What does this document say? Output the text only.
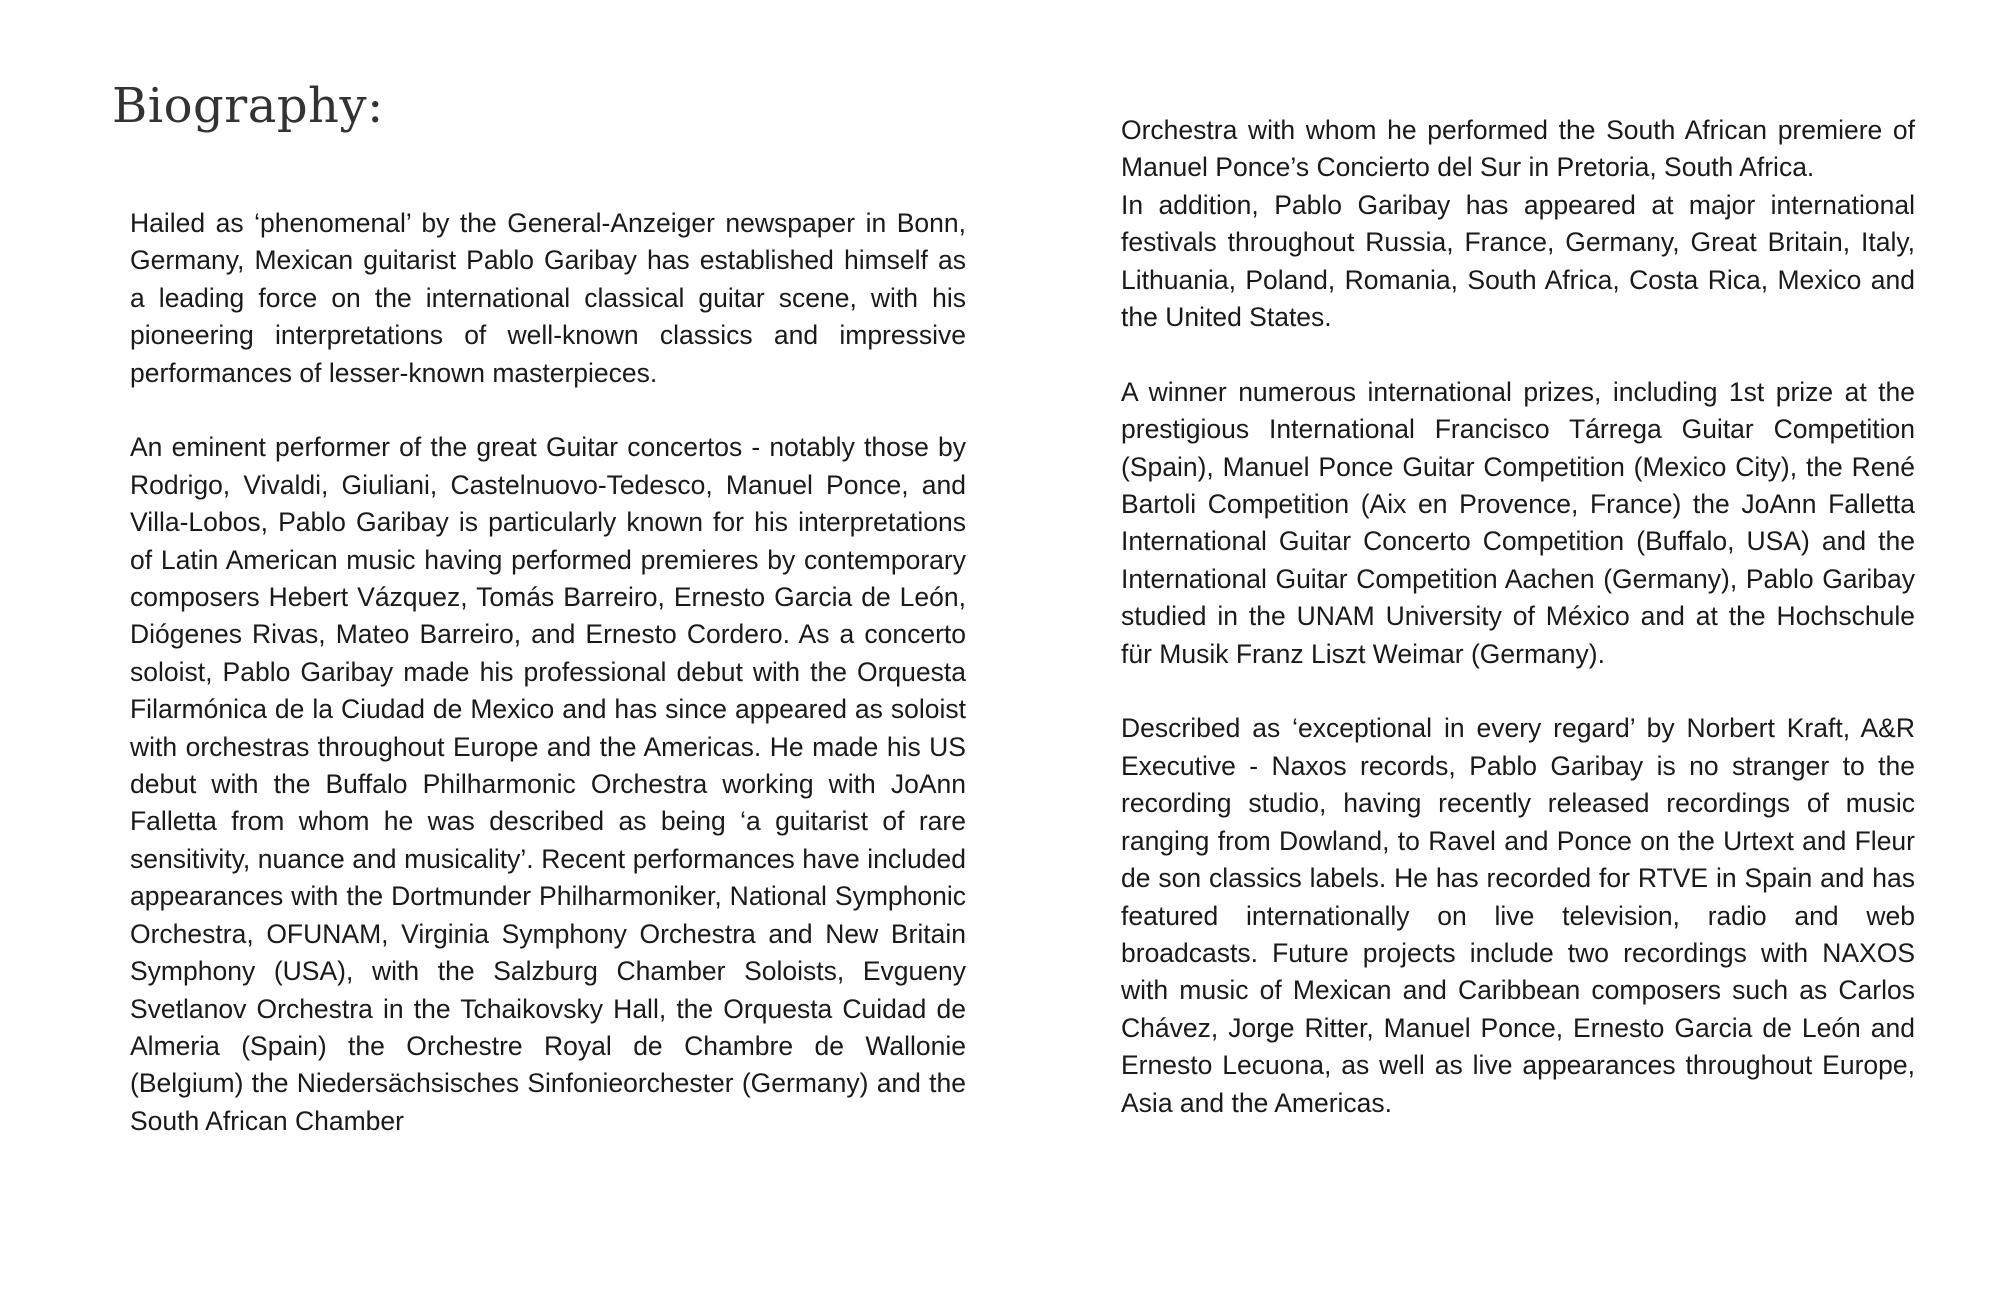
Biography:

Hailed as ‘phenomenal’ by the General-Anzeiger newspaper in Bonn, Germany, Mexican guitarist Pablo Garibay has established himself as a leading force on the international classical guitar scene, with his pioneering interpretations of well-known classics and impressive performances of lesser-known masterpieces.

An eminent performer of the great Guitar concertos - notably those by Rodrigo, Vivaldi, Giuliani, Castelnuovo-Tedesco, Manuel Ponce, and Villa-Lobos, Pablo Garibay is particularly known for his interpretations of Latin American music having performed premieres by contemporary composers Hebert Vázquez, Tomás Barreiro, Ernesto Garcia de León, Diógenes Rivas, Mateo Barreiro, and Ernesto Cordero. As a concerto soloist, Pablo Garibay made his professional debut with the Orquesta Filarmónica de la Ciudad de Mexico and has since appeared as soloist with orchestras throughout Europe and the Americas. He made his US debut with the Buffalo Philharmonic Orchestra working with JoAnn Falletta from whom he was described as being ‘a guitarist of rare sensitivity, nuance and musicality’. Recent performances have included appearances with the Dortmunder Philharmoniker, National Symphonic Orchestra, OFUNAM, Virginia Symphony Orchestra and New Britain Symphony (USA), with the Salzburg Chamber Soloists, Evgueny Svetlanov Orchestra in the Tchaikovsky Hall, the Orquesta Cuidad de Almeria (Spain) the Orchestre Royal de Chambre de Wallonie (Belgium) the Niedersächsisches Sinfonieorchester (Germany) and the South African Chamber

Orchestra with whom he performed the South African premiere of Manuel Ponce’s Concierto del Sur in Pretoria, South Africa.

In addition, Pablo Garibay has appeared at major international festivals throughout Russia, France, Germany, Great Britain, Italy, Lithuania, Poland, Romania, South Africa, Costa Rica, Mexico and the United States.

A winner numerous international prizes, including 1st prize at the prestigious International Francisco Tárrega Guitar Competition (Spain), Manuel Ponce Guitar Competition (Mexico City), the René Bartoli Competition (Aix en Provence, France) the JoAnn Falletta International Guitar Concerto Competition (Buffalo, USA) and the International Guitar Competition Aachen (Germany), Pablo Garibay studied in the UNAM University of México and at the Hochschule für Musik Franz Liszt Weimar (Germany).

Described as ‘exceptional in every regard’ by Norbert Kraft, A&R Executive - Naxos records, Pablo Garibay is no stranger to the recording studio, having recently released recordings of music ranging from Dowland, to Ravel and Ponce on the Urtext and Fleur de son classics labels. He has recorded for RTVE in Spain and has featured internationally on live television, radio and web broadcasts. Future projects include two recordings with NAXOS with music of Mexican and Caribbean composers such as Carlos Chávez, Jorge Ritter, Manuel Ponce, Ernesto Garcia de León and Ernesto Lecuona, as well as live appearances throughout Europe, Asia and the Americas.
